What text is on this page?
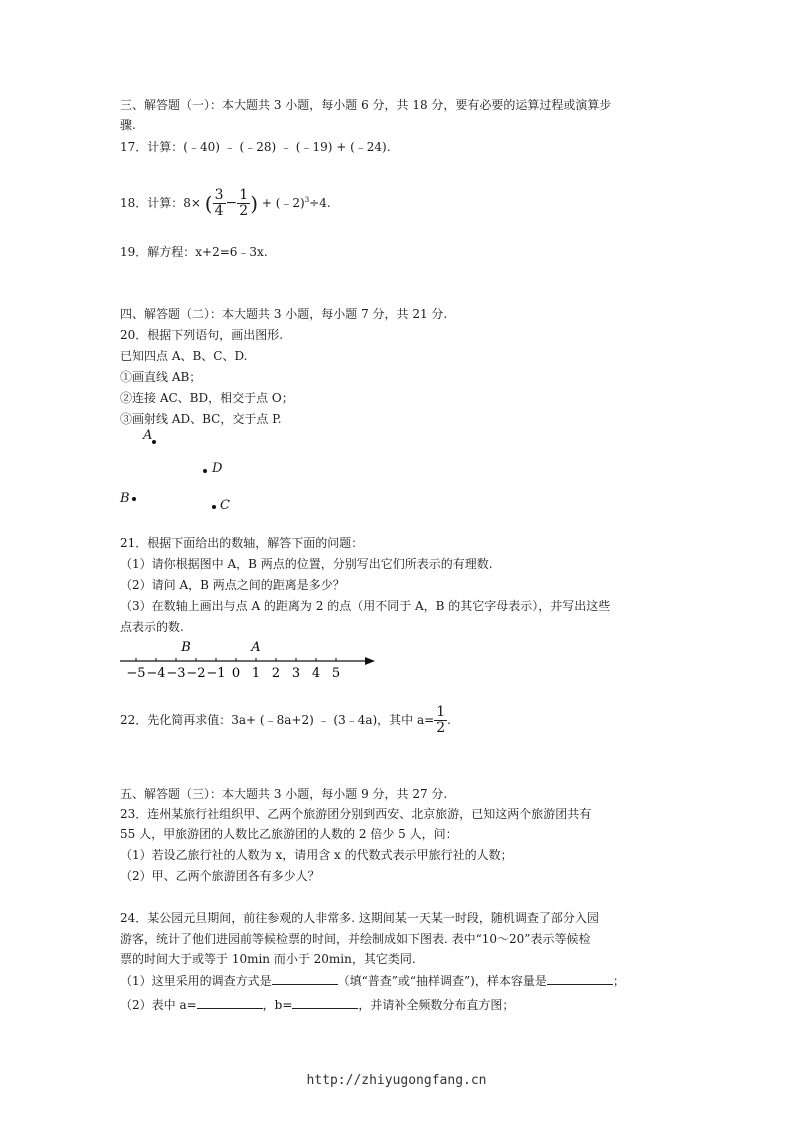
三、解答题（一）：本大题共 3 小题，每小题 6 分，共 18 分，要有必要的运算过程或演算步
骤.
17．计算：(﹣40) ﹣ (﹣28) ﹣ (﹣19) + (﹣24).
18．计算：8× ( $\frac{3}{4} - \frac{1}{2}$ ) + (﹣2)$^3$÷4.
19．解方程：x+2=6﹣3x.
四、解答题（二）：本大题共 3 小题，每小题 7 分，共 21 分.
20．根据下列语句，画出图形.
已知四点 A、B、C、D.
①画直线 AB；
②连接 AC、BD，相交于点 O；
③画射线 AD、BC，交于点 P.
A
D
B	C
21．根据下面给出的数轴，解答下面的问题：
（1）请你根据图中 A，B 两点的位置，分别写出它们所表示的有理数.
（2）请问 A，B 两点之间的距离是多少？
（3）在数轴上画出与点 A 的距离为 2 的点（用不同于 A，B 的其它字母表示），并写出这些
点表示的数.
−5 −4 −3 −2 −1 0 1 2 3 4 5
B	A
22．先化简再求值：3a+ (﹣8a+2) ﹣ (3﹣4a)，其中 $a= \frac{1}{2}$ .
五、解答题（三）：本大题共 3 小题，每小题 9 分，共 27 分.
23．连州某旅行社组织甲、乙两个旅游团分别到西安、北京旅游，已知这两个旅游团共有
55 人，甲旅游团的人数比乙旅游团的人数的 2 倍少 5 人，问：
（1）若设乙旅行社的人数为 x，请用含 x 的代数式表示甲旅行社的人数；
（2）甲、乙两个旅游团各有多少人？
24．某公园元旦期间，前往参观的人非常多. 这期间某一天某一时段，随机调查了部分入园
游客，统计了他们进园前等候检票的时间，并绘制成如下图表. 表中“10～20”表示等候检
票的时间大于或等于 10min 而小于 20min，其它类同.
（1）这里采用的调查方式是	（填“普查”或“抽样调查”)，样本容量是	；
（2）表中 a=	，b=	，并请补全频数分布直方图；
http://zhiyugongfang.cn
